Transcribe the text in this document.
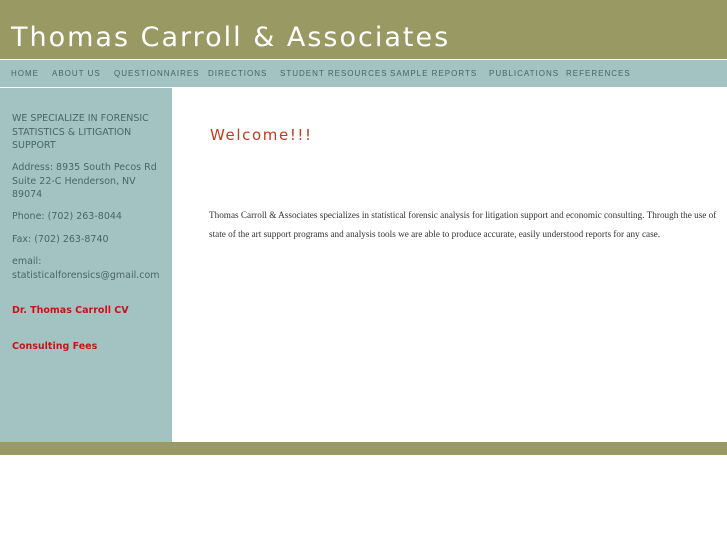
Thomas Carroll & Associates
HOME ABOUT US QUESTIONNAIRES DIRECTIONS STUDENT RESOURCES SAMPLE REPORTS PUBLICATIONS REFERENCES
WE SPECIALIZE IN FORENSIC STATISTICS & LITIGATION SUPPORT
Address: 8935 South Pecos Rd Suite 22-C Henderson, NV 89074
Phone: (702) 263-8044
Fax: (702) 263-8740
email: statisticalforensics@gmail.com
Dr. Thomas Carroll CV
Consulting Fees
Welcome!!!

Thomas Carroll & Associates specializes in statistical forensic analysis for litigation support and economic consulting. Through the use of state of the art support programs and analysis tools we are able to produce accurate, easily understood reports for any case.
